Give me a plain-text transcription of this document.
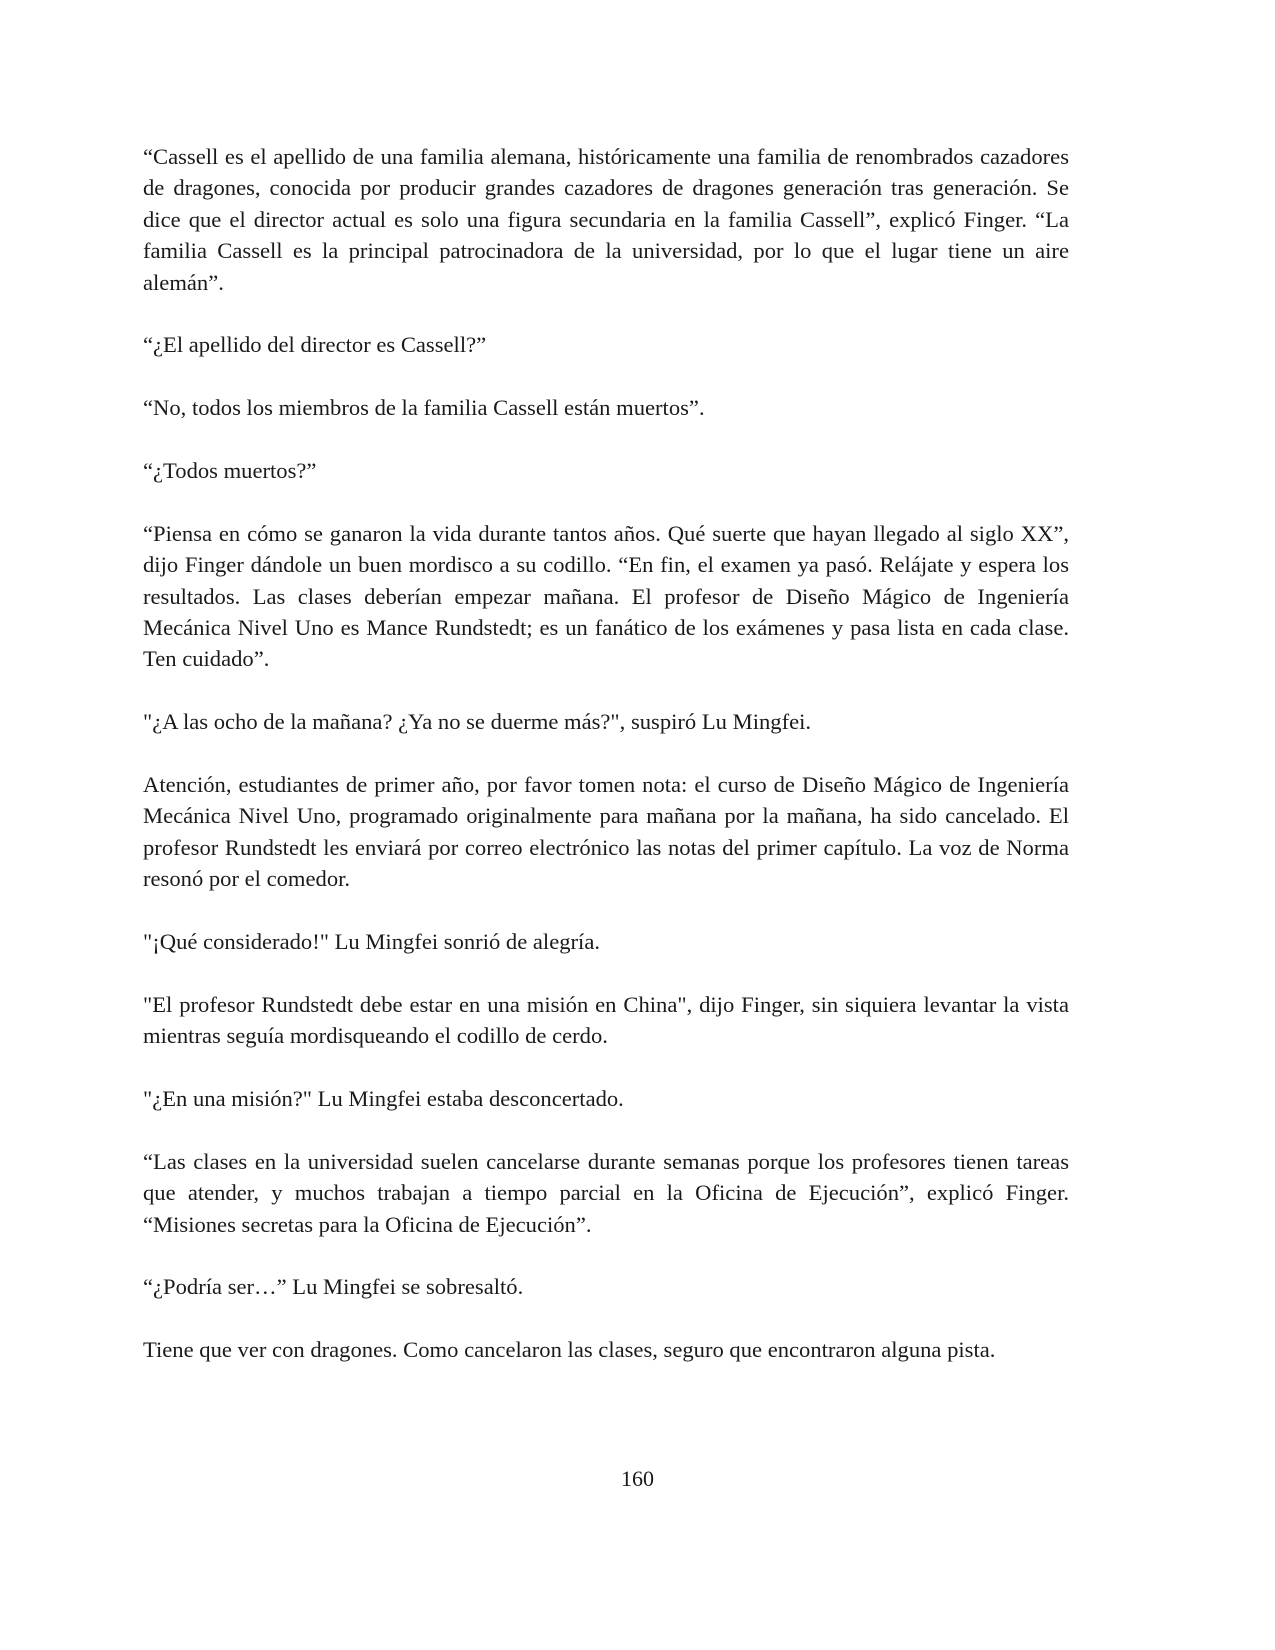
“Cassell es el apellido de una familia alemana, históricamente una familia de renombrados cazadores de dragones, conocida por producir grandes cazadores de dragones generación tras generación. Se dice que el director actual es solo una figura secundaria en la familia Cassell”, explicó Finger. “La familia Cassell es la principal patrocinadora de la universidad, por lo que el lugar tiene un aire alemán”.

“¿El apellido del director es Cassell?”

“No, todos los miembros de la familia Cassell están muertos”.

“¿Todos muertos?”

“Piensa en cómo se ganaron la vida durante tantos años. Qué suerte que hayan llegado al siglo XX”, dijo Finger dándole un buen mordisco a su codillo. “En fin, el examen ya pasó. Relájate y espera los resultados. Las clases deberían empezar mañana. El profesor de Diseño Mágico de Ingeniería Mecánica Nivel Uno es Mance Rundstedt; es un fanático de los exámenes y pasa lista en cada clase. Ten cuidado”.

"¿A las ocho de la mañana? ¿Ya no se duerme más?", suspiró Lu Mingfei.

Atención, estudiantes de primer año, por favor tomen nota: el curso de Diseño Mágico de Ingeniería Mecánica Nivel Uno, programado originalmente para mañana por la mañana, ha sido cancelado. El profesor Rundstedt les enviará por correo electrónico las notas del primer capítulo. La voz de Norma resonó por el comedor.

"¡Qué considerado!" Lu Mingfei sonrió de alegría.

"El profesor Rundstedt debe estar en una misión en China", dijo Finger, sin siquiera levantar la vista mientras seguía mordisqueando el codillo de cerdo.

"¿En una misión?" Lu Mingfei estaba desconcertado.

“Las clases en la universidad suelen cancelarse durante semanas porque los profesores tienen tareas que atender, y muchos trabajan a tiempo parcial en la Oficina de Ejecución”, explicó Finger. “Misiones secretas para la Oficina de Ejecución”.

“¿Podría ser…” Lu Mingfei se sobresaltó.

Tiene que ver con dragones. Como cancelaron las clases, seguro que encontraron alguna pista.

160
